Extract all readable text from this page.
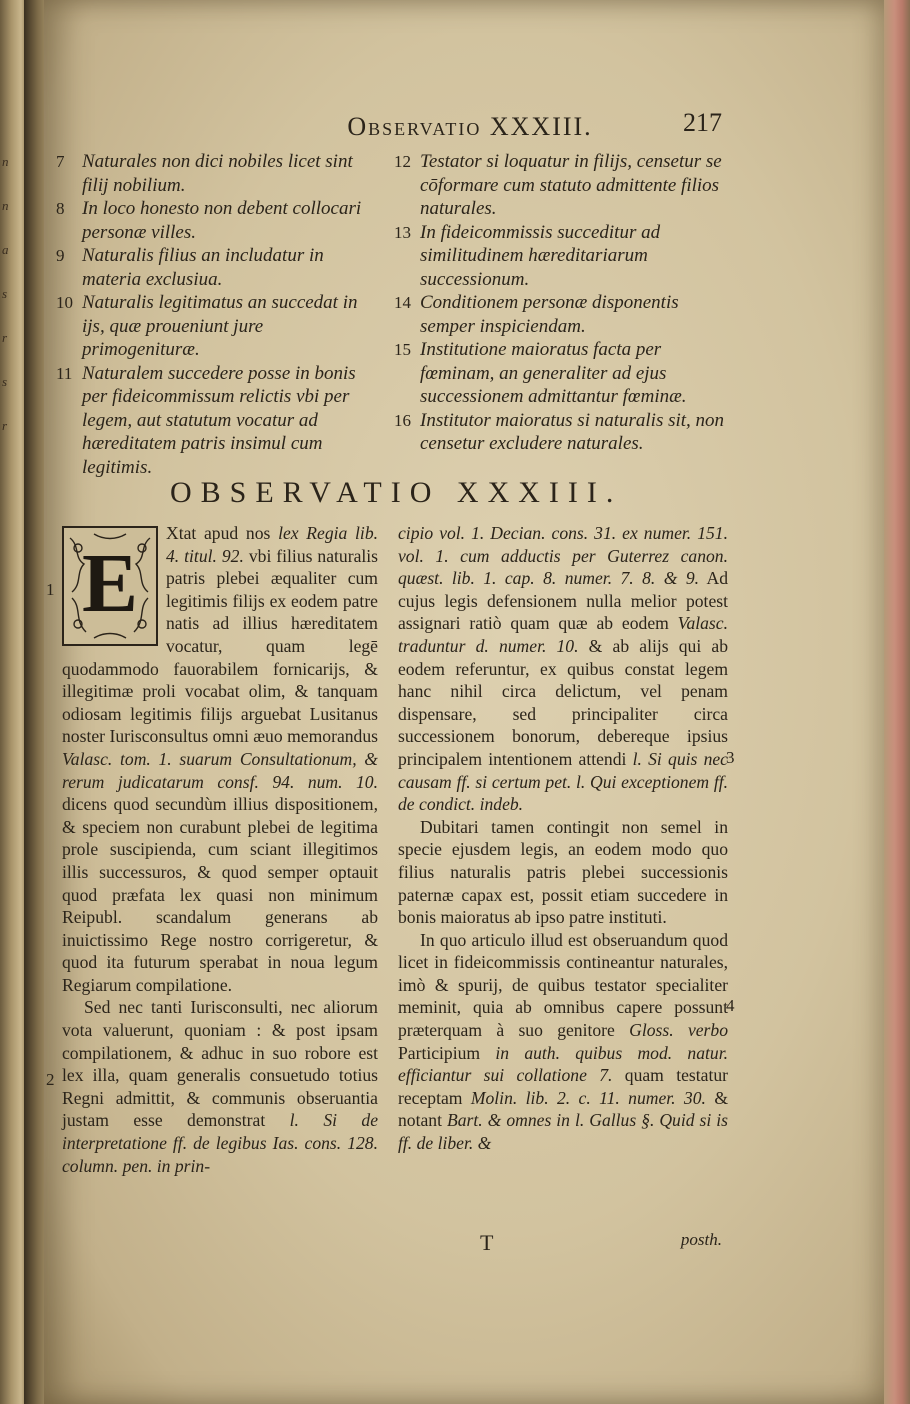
n
n
a
s
r
s
r
Observatio XXXIII.	217
7 Naturales non dici nobiles licet sint filij nobilium.
8 In loco honesto non debent collocari personæ villes.
9 Naturalis filius an includatur in materia exclusiua.
10 Naturalis legitimatus an succedat in ijs, quæ proueniunt jure primogenituræ.
11 Naturalem succedere posse in bonis per fideicommissum relictis vbi per legem, aut statutum vocatur ad hæreditatem patris insimul cum legitimis.
12 Testator si loquatur in filijs, censetur se cōformare cum statuto admittente filios naturales.
13 In fideicommissis succeditur ad similitudinem hæreditariarum successionum.
14 Conditionem personæ disponentis semper inspiciendam.
15 Institutione maioratus facta per fœminam, an generaliter ad ejus successionem admittantur fœminæ.
16 Institutor maioratus si naturalis sit, non censetur excludere naturales.
OBSERVATIO XXXIII.

E
Xtat apud nos lex Regia lib. 4. titul. 92. vbi filius naturalis patris plebei æqualiter cum legitimis filijs ex eodem patre natis ad illius hæreditatem vocatur, quam legē quodammodo fauorabilem fornicarijs, & illegitimæ proli vocabat olim, & tanquam odiosam legitimis filijs arguebat Lusitanus noster Iurisconsultus omni æuo memorandus Valasc. tom. 1. suarum Consultationum, & rerum judicatarum consf. 94. num. 10. dicens quod secundùm illius dispositionem, & speciem non curabunt plebei de legitima prole suscipienda, cum sciant illegitimos illis successuros, & quod semper optauit quod præfata lex quasi non minimum Reipubl. scandalum generans ab inuictissimo Rege nostro corrigeretur, & quod ita futurum sperabat in noua legum Regiarum compilatione.

Sed nec tanti Iurisconsulti, nec aliorum vota valuerunt, quoniam : & post ipsam compilationem, & adhuc in suo robore est lex illa, quam generalis consuetudo totius Regni admittit, & communis obseruantia justam esse demonstrat l. Si de interpretatione ff. de legibus Ias. cons. 128. column. pen. in prin-

cipio vol. 1. Decian. cons. 31. ex numer. 151. vol. 1. cum adductis per Guterrez canon. quæst. lib. 1. cap. 8. numer. 7. 8. & 9. Ad cujus legis defensionem nulla melior potest assignari ratiò quam quæ ab eodem Valasc. traduntur d. numer. 10. & ab alijs qui ab eodem referuntur, ex quibus constat legem hanc nihil circa delictum, vel penam dispensare, sed principaliter circa successionem bonorum, debereque ipsius principalem intentionem attendi l. Si quis nec causam ff. si certum pet. l. Qui exceptionem ff. de condict. indeb.

Dubitari tamen contingit non semel in specie ejusdem legis, an eodem modo quo filius naturalis patris plebei successionis paternæ capax est, possit etiam succedere in bonis maioratus ab ipso patre instituti.

In quo articulo illud est obseruandum quod licet in fideicommissis contineantur naturales, imò & spurij, de quibus testator specialiter meminit, quia ab omnibus capere possunt præterquam à suo genitore Gloss. verbo Participium in auth. quibus mod. natur. efficiantur sui collatione 7. quam testatur receptam Molin. lib. 2. c. 11. numer. 30. & notant Bart. & omnes in l. Gallus §. Quid si is ff. de liber. &

1
2
3
4
T	posth.
